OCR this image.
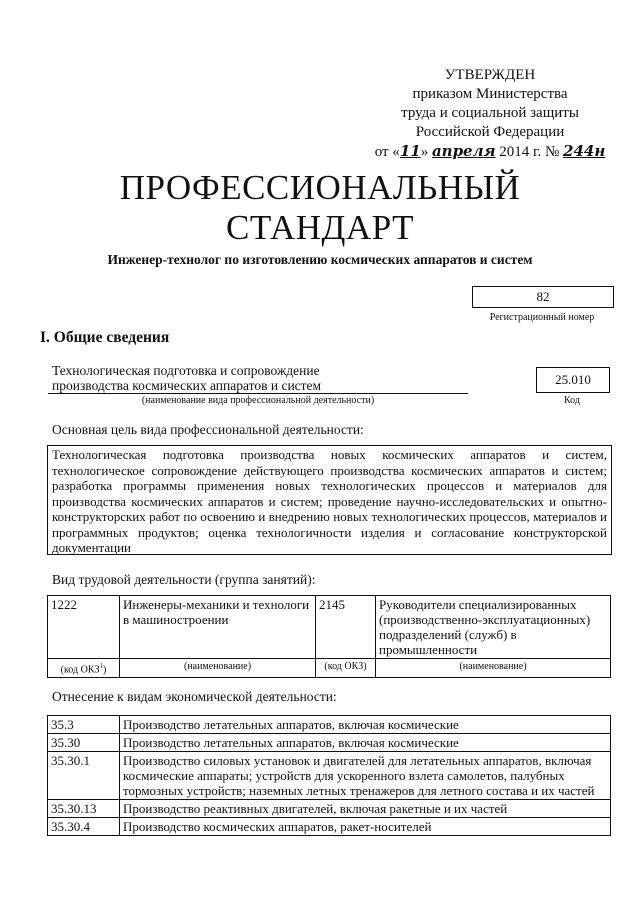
УТВЕРЖДЕН
приказом Министерства
труда и социальной защиты
Российской Федерации
от «11» апреля 2014 г. № 244н
ПРОФЕССИОНАЛЬНЫЙ
СТАНДАРТ
Инженер-технолог по изготовлению космических аппаратов и систем
82
Регистрационный номер
I. Общие сведения
Технологическая подготовка и сопровождение производства космических аппаратов и систем
(наименование вида профессиональной деятельности)
25.010
Код
Основная цель вида профессиональной деятельности:
Технологическая подготовка производства новых космических аппаратов и систем, технологическое сопровождение действующего производства космических аппаратов и систем; разработка программы применения новых технологических процессов и материалов для производства космических аппаратов и систем; проведение научно-исследовательских и опытно-конструкторских работ по освоению и внедрению новых технологических процессов, материалов и программных продуктов; оценка технологичности изделия и согласование конструкторской документации
Вид трудовой деятельности (группа занятий):
1222	Инженеры-механики и технологи в машиностроении	2145	Руководители специализированных (производственно-эксплуатационных) подразделений (служб) в промышленности
(код ОКЗ$^1$)	(наименование)	(код ОКЗ)	(наименование)
Отнесение к видам экономической деятельности:
35.3	Производство летательных аппаратов, включая космические
35.30	Производство летательных аппаратов, включая космические
35.30.1	Производство силовых установок и двигателей для летательных аппаратов, включая космические аппараты; устройств для ускоренного взлета самолетов, палубных тормозных устройств; наземных летных тренажеров для летного состава и их частей
35.30.13	Производство реактивных двигателей, включая ракетные и их частей
35.30.4	Производство космических аппаратов, ракет-носителей
